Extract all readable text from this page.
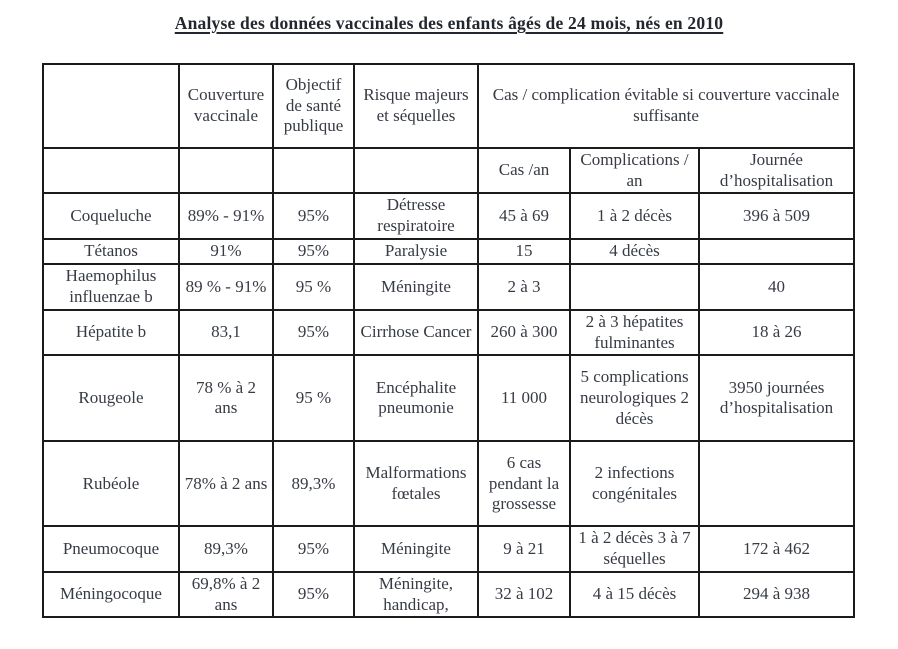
Analyse des données vaccinales des enfants âgés de 24 mois, nés en 2010
	Couverture vaccinale	Objectif de santé publique	Risque majeurs et séquelles	Cas / complication évitable si couverture vaccinale suffisante		
				Cas /an	Complications / an	Journée d’hospitalisation
Coqueluche	89% - 91%	95%	Détresse respiratoire	45 à 69	1 à 2 décès	396 à 509
Tétanos	91%	95%	Paralysie	15	4 décès	
Haemophilus influenzae b	89 % - 91%	95 %	Méningite	2 à 3		40
Hépatite b	83,1	95%	Cirrhose Cancer	260 à 300	2 à 3 hépatites fulminantes	18 à 26
Rougeole	78 % à 2 ans	95 %	Encéphalite pneumonie	11 000	5 complications neurologiques 2 décès	3950 journées d’hospitalisation
Rubéole	78% à 2 ans	89,3%	Malformations fœtales	6 cas pendant la grossesse	2 infections congénitales	
Pneumocoque	89,3%	95%	Méningite	9 à 21	1 à 2 décès 3 à 7 séquelles	172 à 462
Méningocoque	69,8% à 2 ans	95%	Méningite, handicap,	32 à 102	4 à 15 décès	294 à 938
